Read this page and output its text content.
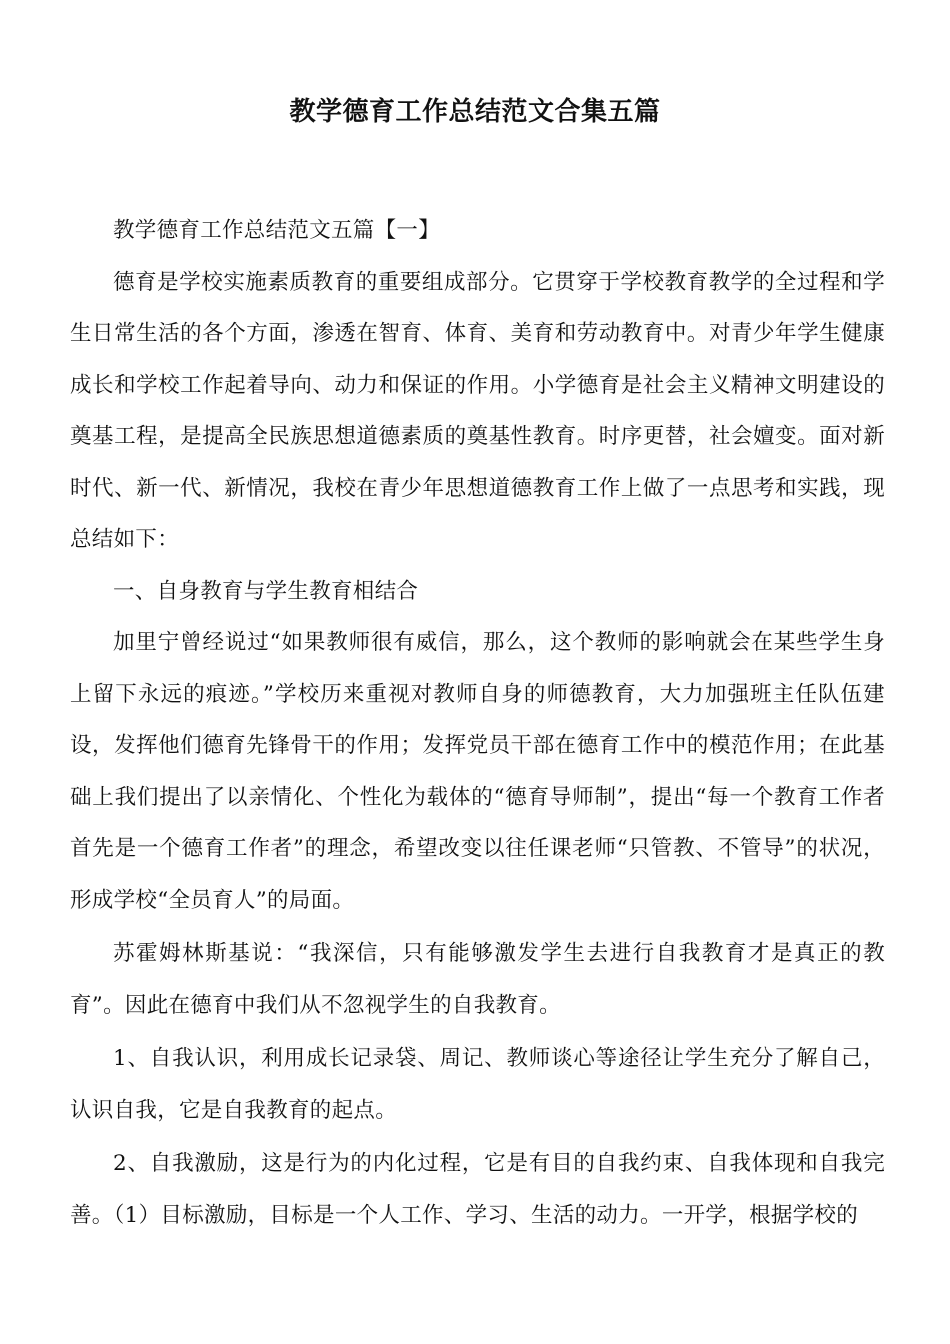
教学德育工作总结范文合集五篇

教学德育工作总结范文五篇【一】

德育是学校实施素质教育的重要组成部分。它贯穿于学校教育教学的全过程和学生日常生活的各个方面，渗透在智育、体育、美育和劳动教育中。对青少年学生健康成长和学校工作起着导向、动力和保证的作用。小学德育是社会主义精神文明建设的奠基工程，是提高全民族思想道德素质的奠基性教育。时序更替，社会嬗变。面对新时代、新一代、新情况，我校在青少年思想道德教育工作上做了一点思考和实践，现总结如下：

一、自身教育与学生教育相结合

加里宁曾经说过“如果教师很有威信，那么，这个教师的影响就会在某些学生身上留下永远的痕迹。”学校历来重视对教师自身的师德教育，大力加强班主任队伍建设，发挥他们德育先锋骨干的作用；发挥党员干部在德育工作中的模范作用；在此基础上我们提出了以亲情化、个性化为载体的“德育导师制”，提出“每一个教育工作者首先是一个德育工作者”的理念，希望改变以往任课老师“只管教、不管导”的状况，形成学校“全员育人”的局面。

苏霍姆林斯基说：“我深信，只有能够激发学生去进行自我教育才是真正的教育”。因此在德育中我们从不忽视学生的自我教育。

1、自我认识，利用成长记录袋、周记、教师谈心等途径让学生充分了解自己，认识自我，它是自我教育的起点。

2、自我激励，这是行为的内化过程，它是有目的自我约束、自我体现和自我完善。（1）目标激励，目标是一个人工作、学习、生活的动力。一开学，根据学校的
